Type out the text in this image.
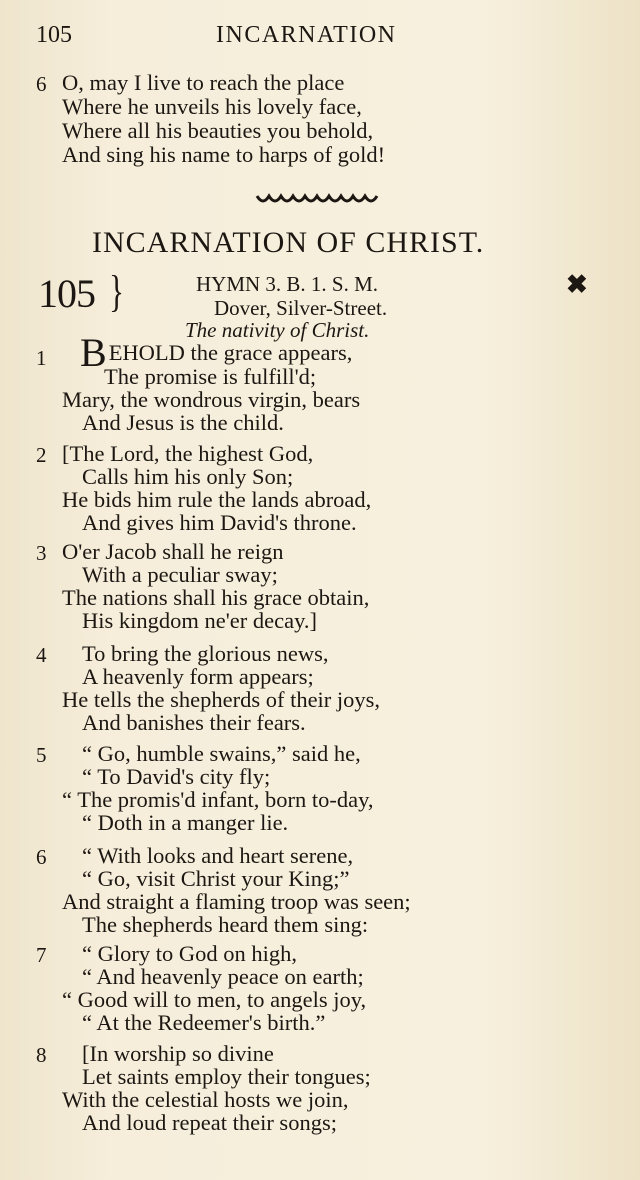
105	INCARNATION
6 O, may I live to reach the place
Where he unveils his lovely face,
Where all his beauties you behold,
And sing his name to harps of gold!
INCARNATION OF CHRIST.
105 }	HYMN 3. B. 1. S. M.
Dover, Silver-Street.
The nativity of Christ.
✖
1 BEHOLD the grace appears,
The promise is fulfill'd;
Mary, the wondrous virgin, bears
And Jesus is the child.
2 [The Lord, the highest God,
Calls him his only Son;
He bids him rule the lands abroad,
And gives him David's throne.
3 O'er Jacob shall he reign
With a peculiar sway;
The nations shall his grace obtain,
His kingdom ne'er decay.]
4 To bring the glorious news,
A heavenly form appears;
He tells the shepherds of their joys,
And banishes their fears.
5 “ Go, humble swains,” said he,
“ To David's city fly;
“ The promis'd infant, born to-day,
“ Doth in a manger lie.
6 “ With looks and heart serene,
“ Go, visit Christ your King;”
And straight a flaming troop was seen;
The shepherds heard them sing:
7 “ Glory to God on high,
“ And heavenly peace on earth;
“ Good will to men, to angels joy,
“ At the Redeemer's birth.”
8 [In worship so divine
Let saints employ their tongues;
With the celestial hosts we join,
And loud repeat their songs;
